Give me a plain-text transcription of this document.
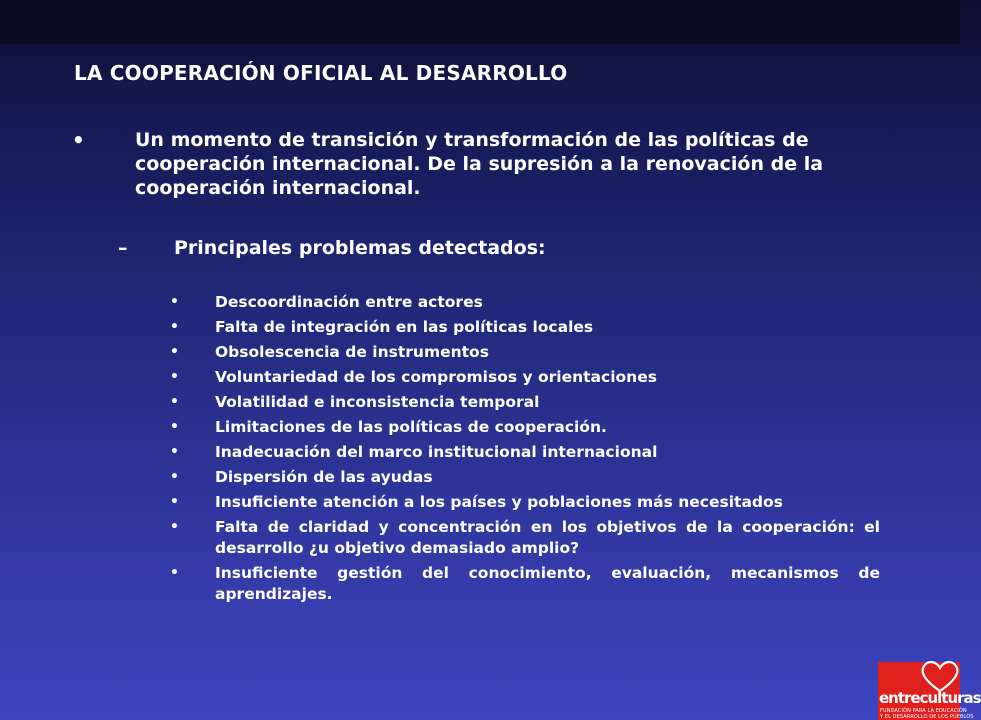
LA COOPERACIÓN OFICIAL AL DESARROLLO
•	Un momento de transición y transformación de las políticas de cooperación internacional. De la supresión a la renovación de la cooperación internacional.
– Principales problemas detectados:
• Descoordinación entre actores
• Falta de integración en las políticas locales
• Obsolescencia de instrumentos
• Voluntariedad de los compromisos y orientaciones
• Volatilidad e inconsistencia temporal
• Limitaciones de las políticas de cooperación.
• Inadecuación del marco institucional internacional
• Dispersión de las ayudas
• Insuficiente atención a los países y poblaciones más necesitados
• Falta de claridad y concentración en los objetivos de la cooperación: el desarrollo ¿u objetivo demasiado amplio?
• Insuficiente gestión del conocimiento, evaluación, mecanismos de aprendizajes.
entreculturas
FUNDACIÓN PARA LA EDUCACIÓN
Y EL DESARROLLO DE LOS PUEBLOS
